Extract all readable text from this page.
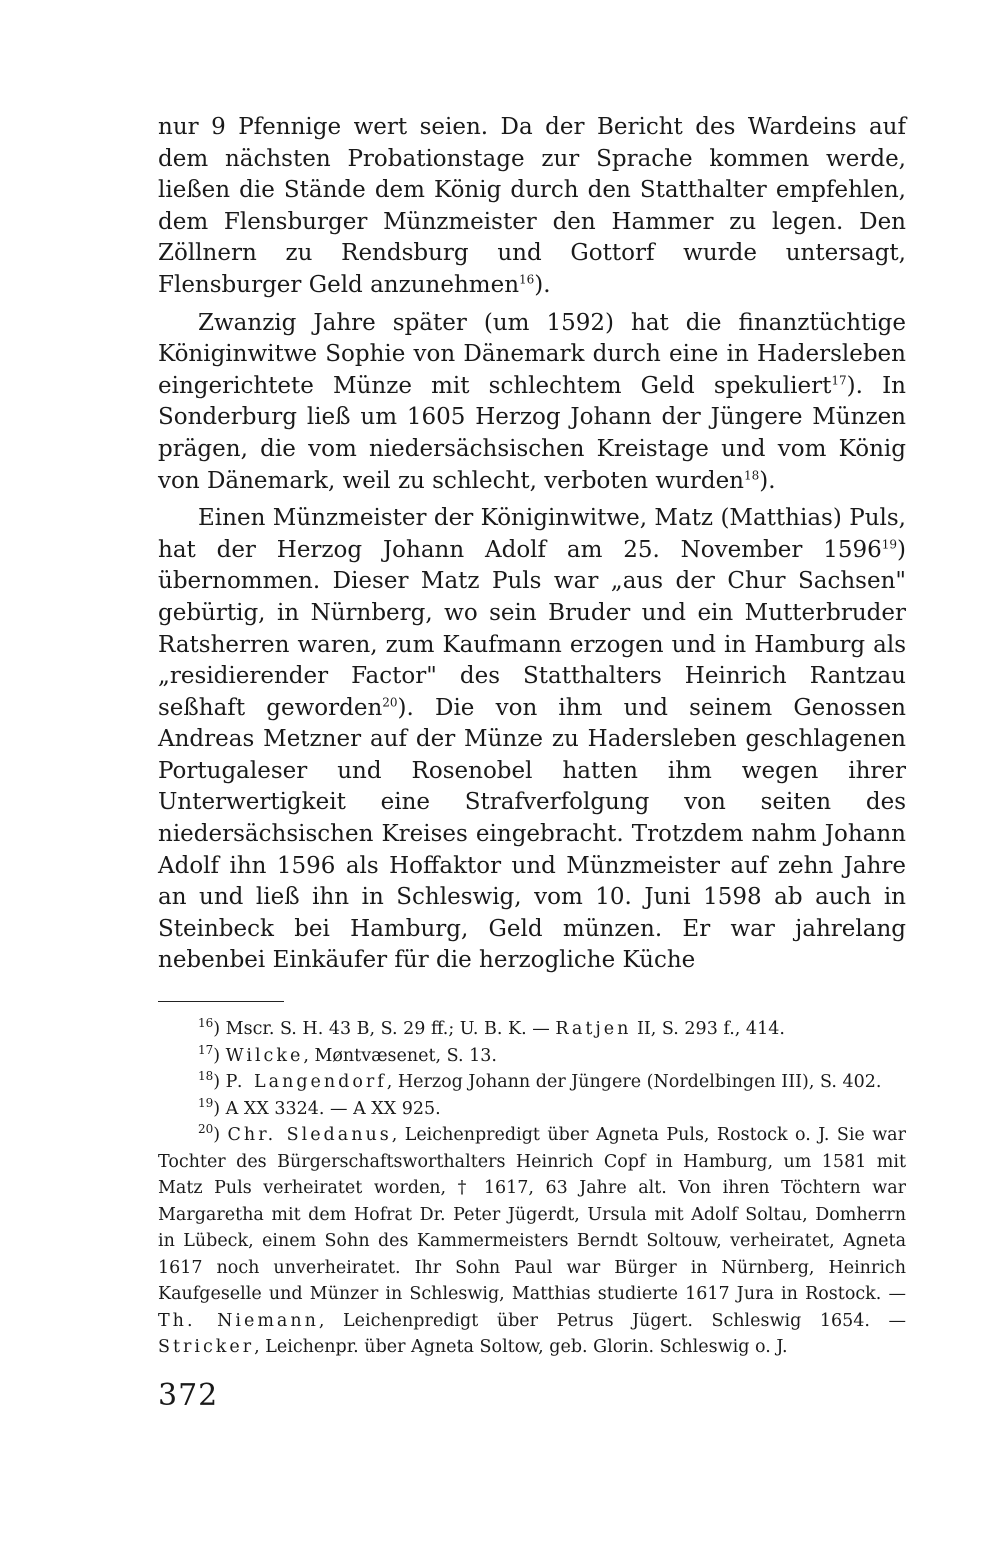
nur 9 Pfennige wert seien. Da der Bericht des Wardeins auf dem nächsten Probationstage zur Sprache kommen werde, ließen die Stände dem König durch den Statthalter empfehlen, dem Flensburger Münzmeister den Hammer zu legen. Den Zöllnern zu Rendsburg und Gottorf wurde untersagt, Flensburger Geld anzunehmen$^{16}$).

Zwanzig Jahre später (um 1592) hat die finanztüchtige Königinwitwe Sophie von Dänemark durch eine in Hadersleben eingerichtete Münze mit schlechtem Geld spekuliert$^{17}$). In Sonderburg ließ um 1605 Herzog Johann der Jüngere Münzen prägen, die vom niedersächsischen Kreistage und vom König von Dänemark, weil zu schlecht, verboten wurden$^{18}$).

Einen Münzmeister der Königinwitwe, Matz (Matthias) Puls, hat der Herzog Johann Adolf am 25. November 1596$^{19}$) übernommen. Dieser Matz Puls war „aus der Chur Sachsen" gebürtig, in Nürnberg, wo sein Bruder und ein Mutterbruder Ratsherren waren, zum Kaufmann erzogen und in Hamburg als „residierender Factor" des Statthalters Heinrich Rantzau seßhaft geworden$^{20}$). Die von ihm und seinem Genossen Andreas Metzner auf der Münze zu Hadersleben geschlagenen Portugaleser und Rosenobel hatten ihm wegen ihrer Unterwertigkeit eine Strafverfolgung von seiten des niedersächsischen Kreises eingebracht. Trotzdem nahm Johann Adolf ihn 1596 als Hoffaktor und Münzmeister auf zehn Jahre an und ließ ihn in Schleswig, vom 10. Juni 1598 ab auch in Steinbeck bei Hamburg, Geld münzen. Er war jahrelang nebenbei Einkäufer für die herzogliche Küche

$^{16}$) Mscr. S. H. 43 B, S. 29 ff.; U. B. K. — Ratjen II, S. 293 f., 414.

$^{17}$) Wilcke, Møntvæsenet, S. 13.

$^{18}$) P. Langendorf, Herzog Johann der Jüngere (Nordelbingen III), S. 402.

$^{19}$) A XX 3324. — A XX 925.

$^{20}$) Chr. Sledanus, Leichenpredigt über Agneta Puls, Rostock o. J. Sie war Tochter des Bürgerschaftsworthalters Heinrich Copf in Hamburg, um 1581 mit Matz Puls verheiratet worden, † 1617, 63 Jahre alt. Von ihren Töchtern war Margaretha mit dem Hofrat Dr. Peter Jügerdt, Ursula mit Adolf Soltau, Domherrn in Lübeck, einem Sohn des Kammermeisters Berndt Soltouw, verheiratet, Agneta 1617 noch unverheiratet. Ihr Sohn Paul war Bürger in Nürnberg, Heinrich Kaufgeselle und Münzer in Schleswig, Matthias studierte 1617 Jura in Rostock. — Th. Niemann, Leichenpredigt über Petrus Jügert. Schleswig 1654. — Stricker, Leichenpr. über Agneta Soltow, geb. Glorin. Schleswig o. J.

372
